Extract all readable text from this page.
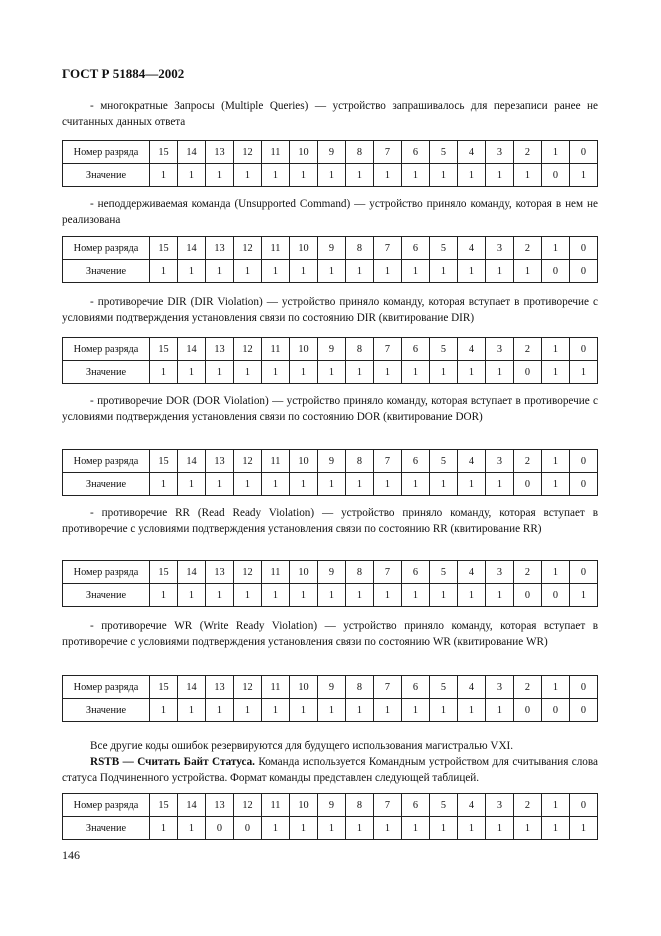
ГОСТ Р 51884—2002
- многократные Запросы (Multiple Queries) — устройство запрашивалось для перезаписи ранее не считанных данных ответа
Номер разряда	15	14	13	12	11	10	9	8	7	6	5	4	3	2	1	0
Значение	1	1	1	1	1	1	1	1	1	1	1	1	1	1	0	1
- неподдерживаемая команда (Unsupported Command) — устройство приняло команду, которая в нем не реализована
Номер разряда	15	14	13	12	11	10	9	8	7	6	5	4	3	2	1	0
Значение	1	1	1	1	1	1	1	1	1	1	1	1	1	1	0	0
- противоречие DIR (DIR Violation) — устройство приняло команду, которая вступает в противоречие с условиями подтверждения установления связи по состоянию DIR (квитирование DIR)
Номер разряда	15	14	13	12	11	10	9	8	7	6	5	4	3	2	1	0
Значение	1	1	1	1	1	1	1	1	1	1	1	1	1	0	1	1
- противоречие DOR (DOR Violation) — устройство приняло команду, которая вступает в противоречие с условиями подтверждения установления связи по состоянию DOR (квитирование DOR)
Номер разряда	15	14	13	12	11	10	9	8	7	6	5	4	3	2	1	0
Значение	1	1	1	1	1	1	1	1	1	1	1	1	1	0	1	0
- противоречие RR (Read Ready Violation) — устройство приняло команду, которая вступает в противоречие с условиями подтверждения установления связи по состоянию RR (квитирование RR)
Номер разряда	15	14	13	12	11	10	9	8	7	6	5	4	3	2	1	0
Значение	1	1	1	1	1	1	1	1	1	1	1	1	1	0	0	1
- противоречие WR (Write Ready Violation) — устройство приняло команду, которая вступает в противоречие с условиями подтверждения установления связи по состоянию WR (квитирование WR)
Номер разряда	15	14	13	12	11	10	9	8	7	6	5	4	3	2	1	0
Значение	1	1	1	1	1	1	1	1	1	1	1	1	1	0	0	0
Все другие коды ошибок резервируются для будущего использования магистралью VXI.
RSTB — Считать Байт Статуса. Команда используется Командным устройством для считывания слова статуса Подчиненного устройства. Формат команды представлен следующей таблицей.
Номер разряда	15	14	13	12	11	10	9	8	7	6	5	4	3	2	1	0
Значение	1	1	0	0	1	1	1	1	1	1	1	1	1	1	1	1
146
